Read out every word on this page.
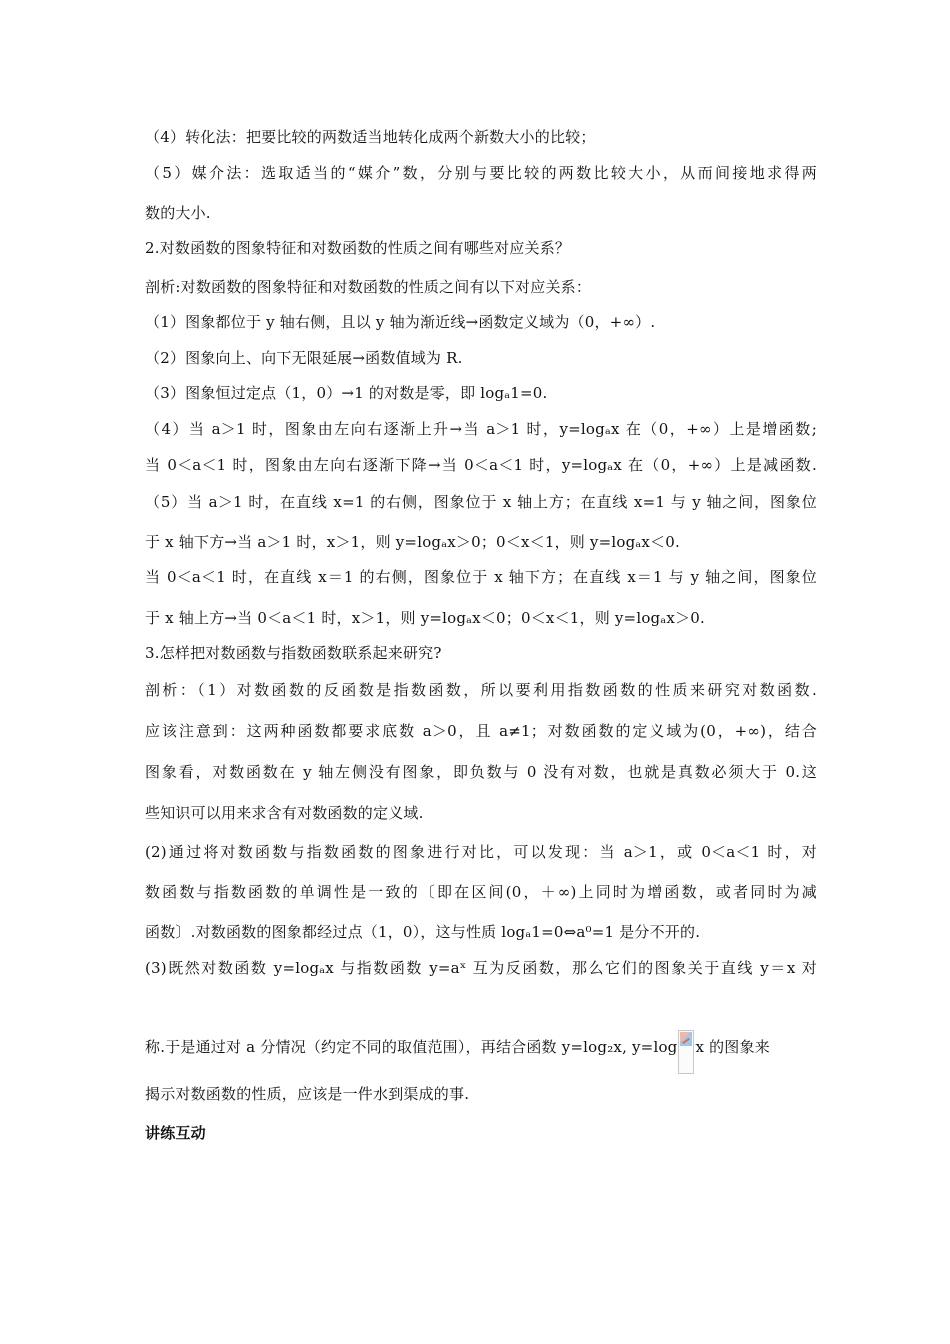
（4）转化法：把要比较的两数适当地转化成两个新数大小的比较；
（5）媒介法：选取适当的“媒介”数，分别与要比较的两数比较大小，从而间接地求得两
数的大小.
2.对数函数的图象特征和对数函数的性质之间有哪些对应关系？
剖析:对数函数的图象特征和对数函数的性质之间有以下对应关系：
（1）图象都位于 y 轴右侧，且以 y 轴为渐近线→函数定义域为（0，+∞）.
（2）图象向上、向下无限延展→函数值域为 R.
（3）图象恒过定点（1，0）→1 的对数是零，即 logₐ1=0.
（4）当 a＞1 时，图象由左向右逐渐上升→当 a＞1 时，y=logₐx 在（0，+∞）上是增函数;
当 0＜a＜1 时，图象由左向右逐渐下降→当 0＜a＜1 时，y=logₐx 在（0，+∞）上是减函数.
（5）当 a＞1 时，在直线 x=1 的右侧，图象位于 x 轴上方；在直线 x=1 与 y 轴之间，图象位
于 x 轴下方→当 a＞1 时，x＞1，则 y=logₐx＞0；0＜x＜1，则 y=logₐx＜0.
当 0＜a＜1 时，在直线 x＝1 的右侧，图象位于 x 轴下方；在直线 x＝1 与 y 轴之间，图象位
于 x 轴上方→当 0＜a＜1 时，x＞1，则 y=logₐx＜0；0＜x＜1，则 y=logₐx＞0.
3.怎样把对数函数与指数函数联系起来研究?
剖析：（1）对数函数的反函数是指数函数，所以要利用指数函数的性质来研究对数函数.
应该注意到：这两种函数都要求底数 a＞0，且 a≠1；对数函数的定义域为(0，+∞)，结合
图象看，对数函数在 y 轴左侧没有图象，即负数与 0 没有对数，也就是真数必须大于 0.这
些知识可以用来求含有对数函数的定义域.
(2)通过将对数函数与指数函数的图象进行对比，可以发现：当 a＞1，或 0＜a＜1 时，对
数函数与指数函数的单调性是一致的〔即在区间(0，＋∞)上同时为增函数，或者同时为减
函数〕.对数函数的图象都经过点（1，0），这与性质 logₐ1=0⇔a⁰=1 是分不开的.
(3)既然对数函数 y=logₐx 与指数函数 y=aˣ 互为反函数，那么它们的图象关于直线 y＝x 对
称.于是通过对 a 分情况（约定不同的取值范围），再结合函数 y=log₂x, y=log x 的图象来
揭示对数函数的性质，应该是一件水到渠成的事.
讲练互动
